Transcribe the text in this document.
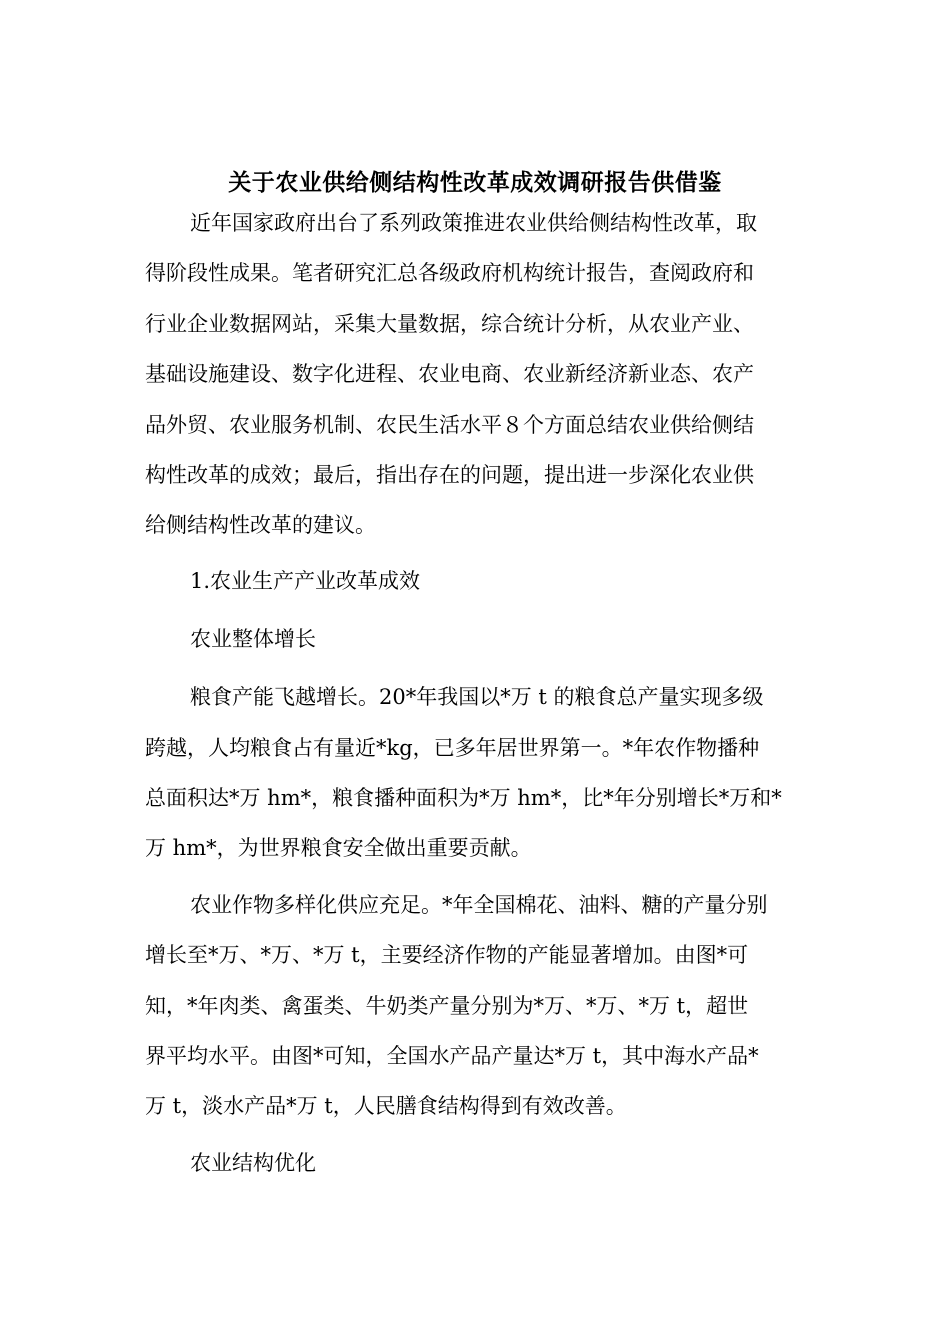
关于农业供给侧结构性改革成效调研报告供借鉴

近年国家政府出台了系列政策推进农业供给侧结构性改革，取

得阶段性成果。笔者研究汇总各级政府机构统计报告，查阅政府和

行业企业数据网站，采集大量数据，综合统计分析，从农业产业、

基础设施建设、数字化进程、农业电商、农业新经济新业态、农产

品外贸、农业服务机制、农民生活水平８个方面总结农业供给侧结

构性改革的成效；最后，指出存在的问题，提出进一步深化农业供

给侧结构性改革的建议。

1.农业生产产业改革成效

农业整体增长

粮食产能飞越增长。20*年我国以*万 t 的粮食总产量实现多级

跨越，人均粮食占有量近*kg，已多年居世界第一。*年农作物播种

总面积达*万 hm*，粮食播种面积为*万 hm*，比*年分别增长*万和*

万 hm*，为世界粮食安全做出重要贡献。

农业作物多样化供应充足。*年全国棉花、油料、糖的产量分别

增长至*万、*万、*万 t，主要经济作物的产能显著增加。由图*可

知，*年肉类、禽蛋类、牛奶类产量分别为*万、*万、*万 t，超世

界平均水平。由图*可知，全国水产品产量达*万 t，其中海水产品*

万 t，淡水产品*万 t，人民膳食结构得到有效改善。

农业结构优化
